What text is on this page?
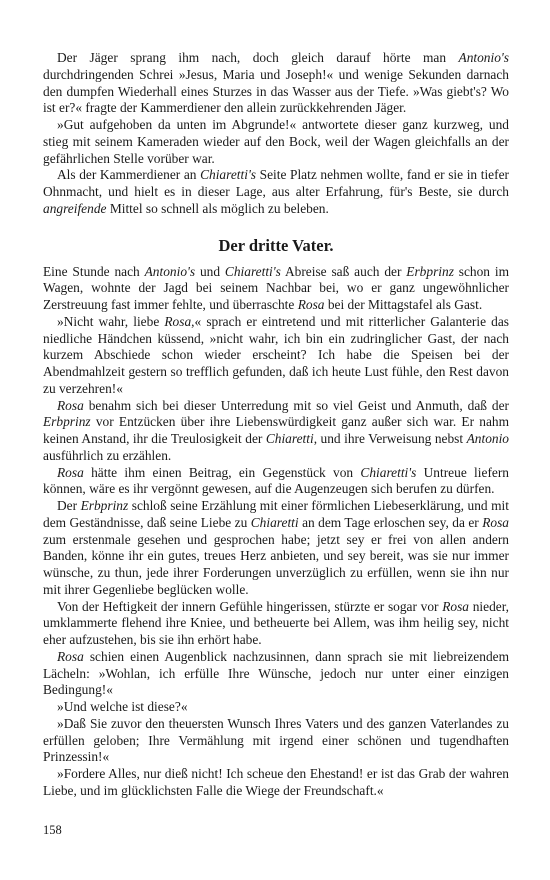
Der Jäger sprang ihm nach, doch gleich darauf hörte man Antonio's durchdringenden Schrei »Jesus, Maria und Joseph!« und wenige Sekunden darnach den dumpfen Wiederhall eines Sturzes in das Wasser aus der Tiefe. »Was giebt's? Wo ist er?« fragte der Kammerdiener den allein zurückkehrenden Jäger.

»Gut aufgehoben da unten im Abgrunde!« antwortete dieser ganz kurzweg, und stieg mit seinem Kameraden wieder auf den Bock, weil der Wagen gleichfalls an der gefährlichen Stelle vorüber war.

Als der Kammerdiener an Chiaretti's Seite Platz nehmen wollte, fand er sie in tiefer Ohnmacht, und hielt es in dieser Lage, aus alter Erfahrung, für's Beste, sie durch angreifende Mittel so schnell als möglich zu beleben.

Der dritte Vater.

Eine Stunde nach Antonio's und Chiaretti's Abreise saß auch der Erbprinz schon im Wagen, wohnte der Jagd bei seinem Nachbar bei, wo er ganz ungewöhnlicher Zerstreuung fast immer fehlte, und überraschte Rosa bei der Mittagstafel als Gast.

»Nicht wahr, liebe Rosa,« sprach er eintretend und mit ritterlicher Galanterie das niedliche Händchen küssend, »nicht wahr, ich bin ein zudringlicher Gast, der nach kurzem Abschiede schon wieder erscheint? Ich habe die Speisen bei der Abendmahlzeit gestern so trefflich gefunden, daß ich heute Lust fühle, den Rest davon zu verzehren!«

Rosa benahm sich bei dieser Unterredung mit so viel Geist und Anmuth, daß der Erbprinz vor Entzücken über ihre Liebenswürdigkeit ganz außer sich war. Er nahm keinen Anstand, ihr die Treulosigkeit der Chiaretti, und ihre Verweisung nebst Antonio ausführlich zu erzählen.

Rosa hätte ihm einen Beitrag, ein Gegenstück von Chiaretti's Untreue liefern können, wäre es ihr vergönnt gewesen, auf die Augenzeugen sich berufen zu dürfen.

Der Erbprinz schloß seine Erzählung mit einer förmlichen Liebeserklärung, und mit dem Geständnisse, daß seine Liebe zu Chiaretti an dem Tage erloschen sey, da er Rosa zum erstenmale gesehen und gesprochen habe; jetzt sey er frei von allen andern Banden, könne ihr ein gutes, treues Herz anbieten, und sey bereit, was sie nur immer wünsche, zu thun, jede ihrer Forderungen unverzüglich zu erfüllen, wenn sie ihn nur mit ihrer Gegenliebe beglücken wolle.

Von der Heftigkeit der innern Gefühle hingerissen, stürzte er sogar vor Rosa nieder, umklammerte flehend ihre Kniee, und betheuerte bei Allem, was ihm heilig sey, nicht eher aufzustehen, bis sie ihn erhört habe.

Rosa schien einen Augenblick nachzusinnen, dann sprach sie mit liebreizendem Lächeln: »Wohlan, ich erfülle Ihre Wünsche, jedoch nur unter einer einzigen Bedingung!«

»Und welche ist diese?«

»Daß Sie zuvor den theuersten Wunsch Ihres Vaters und des ganzen Vaterlandes zu erfüllen geloben; Ihre Vermählung mit irgend einer schönen und tugendhaften Prinzessin!«

»Fordere Alles, nur dieß nicht! Ich scheue den Ehestand! er ist das Grab der wahren Liebe, und im glücklichsten Falle die Wiege der Freundschaft.«

158
